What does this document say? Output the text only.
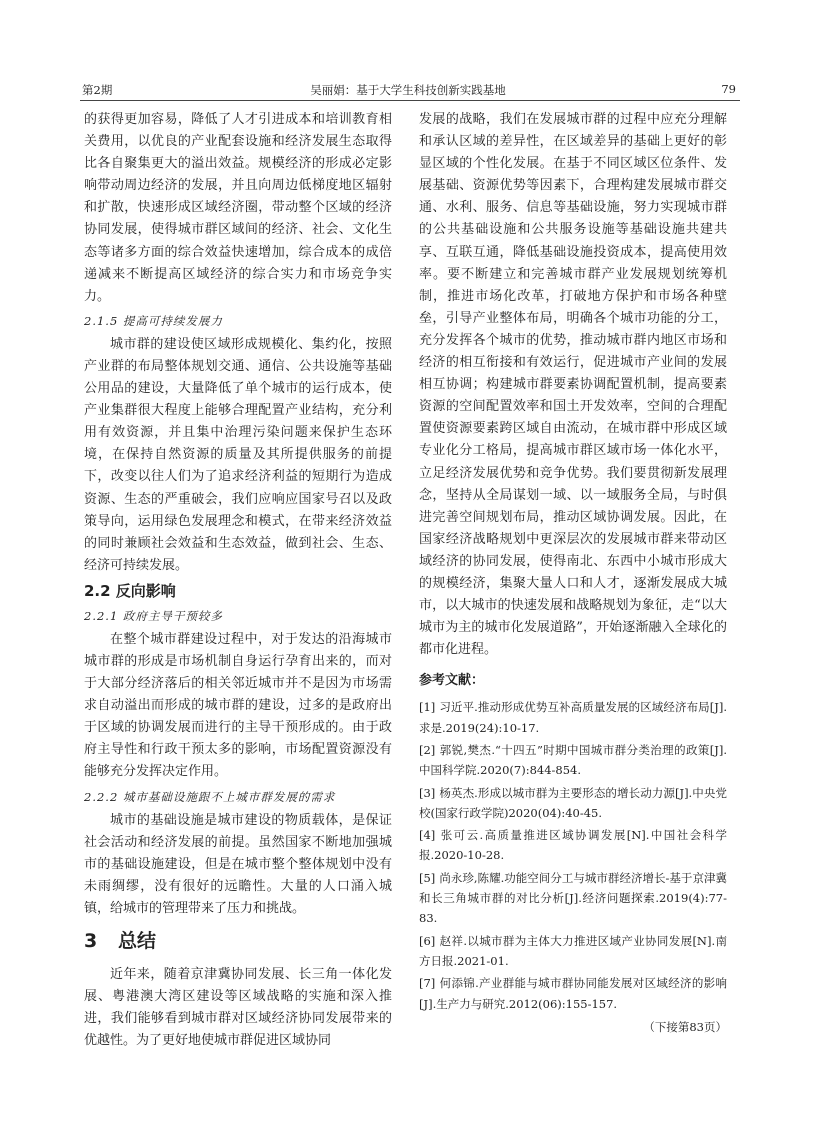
第2期	吴丽娟：基于大学生科技创新实践基地	79

的获得更加容易，降低了人才引进成本和培训教育相关费用，以优良的产业配套设施和经济发展生态取得比各自聚集更大的溢出效益。规模经济的形成必定影响带动周边经济的发展，并且向周边低梯度地区辐射和扩散，快速形成区域经济圈，带动整个区域的经济协同发展，使得城市群区域间的经济、社会、文化生态等诸多方面的综合效益快速增加，综合成本的成倍递减来不断提高区域经济的综合实力和市场竞争实力。

2.1.5 提高可持续发展力

城市群的建设使区域形成规模化、集约化，按照产业群的布局整体规划交通、通信、公共设施等基础公用品的建设，大量降低了单个城市的运行成本，使产业集群很大程度上能够合理配置产业结构，充分利用有效资源，并且集中治理污染问题来保护生态环境，在保持自然资源的质量及其所提供服务的前提下，改变以往人们为了追求经济利益的短期行为造成资源、生态的严重破会，我们应响应国家号召以及政策导向，运用绿色发展理念和模式，在带来经济效益的同时兼顾社会效益和生态效益，做到社会、生态、经济可持续发展。

2.2 反向影响
2.2.1 政府主导干预较多

在整个城市群建设过程中，对于发达的沿海城市城市群的形成是市场机制自身运行孕育出来的，而对于大部分经济落后的相关邻近城市并不是因为市场需求自动溢出而形成的城市群的建设，过多的是政府出于区域的协调发展而进行的主导干预形成的。由于政府主导性和行政干预太多的影响，市场配置资源没有能够充分发挥决定作用。

2.2.2 城市基础设施跟不上城市群发展的需求

城市的基础设施是城市建设的物质载体，是保证社会活动和经济发展的前提。虽然国家不断地加强城市的基础设施建设，但是在城市整个整体规划中没有未雨绸缪，没有很好的远瞻性。大量的人口涌入城镇，给城市的管理带来了压力和挑战。

3 总结

近年来，随着京津冀协同发展、长三角一体化发展、粤港澳大湾区建设等区域战略的实施和深入推进，我们能够看到城市群对区域经济协同发展带来的优越性。为了更好地使城市群促进区域协同

发展的战略，我们在发展城市群的过程中应充分理解和承认区域的差异性，在区域差异的基础上更好的彰显区域的个性化发展。在基于不同区域区位条件、发展基础、资源优势等因素下，合理构建发展城市群交通、水利、服务、信息等基础设施，努力实现城市群的公共基础设施和公共服务设施等基础设施共建共享、互联互通，降低基础设施投资成本，提高使用效率。要不断建立和完善城市群产业发展规划统筹机制，推进市场化改革，打破地方保护和市场各种壁垒，引导产业整体布局，明确各个城市功能的分工，充分发挥各个城市的优势，推动城市群内地区市场和经济的相互衔接和有效运行，促进城市产业间的发展相互协调；构建城市群要素协调配置机制，提高要素资源的空间配置效率和国土开发效率，空间的合理配置使资源要素跨区域自由流动，在城市群中形成区域专业化分工格局，提高城市群区域市场一体化水平，立足经济发展优势和竞争优势。我们要贯彻新发展理念，坚持从全局谋划一域、以一域服务全局，与时俱进完善空间规划布局，推动区域协调发展。因此，在国家经济战略规划中更深层次的发展城市群来带动区域经济的协同发展，使得南北、东西中小城市形成大的规模经济，集聚大量人口和人才，逐渐发展成大城市，以大城市的快速发展和战略规划为象征，走“以大城市为主的城市化发展道路”，开始逐渐融入全球化的都市化进程。

参考文献：
[1] 习近平.推动形成优势互补高质量发展的区域经济布局[J].求是.2019(24):10-17.
[2] 郭锐,樊杰.“十四五”时期中国城市群分类治理的政策[J].中国科学院.2020(7):844-854.
[3] 杨英杰.形成以城市群为主要形态的增长动力源[J].中央党校(国家行政学院)2020(04):40-45.
[4] 张可云.高质量推进区域协调发展[N].中国社会科学报.2020-10-28.
[5] 尚永珍,陈耀.功能空间分工与城市群经济增长-基于京津冀和长三角城市群的对比分析[J].经济问题探索.2019(4):77-83.
[6] 赵祥.以城市群为主体大力推进区域产业协同发展[N].南方日报.2021-01.
[7] 何添锦.产业群能与城市群协同能发展对区域经济的影响[J].生产力与研究.2012(06):155-157.
（下接第83页）
